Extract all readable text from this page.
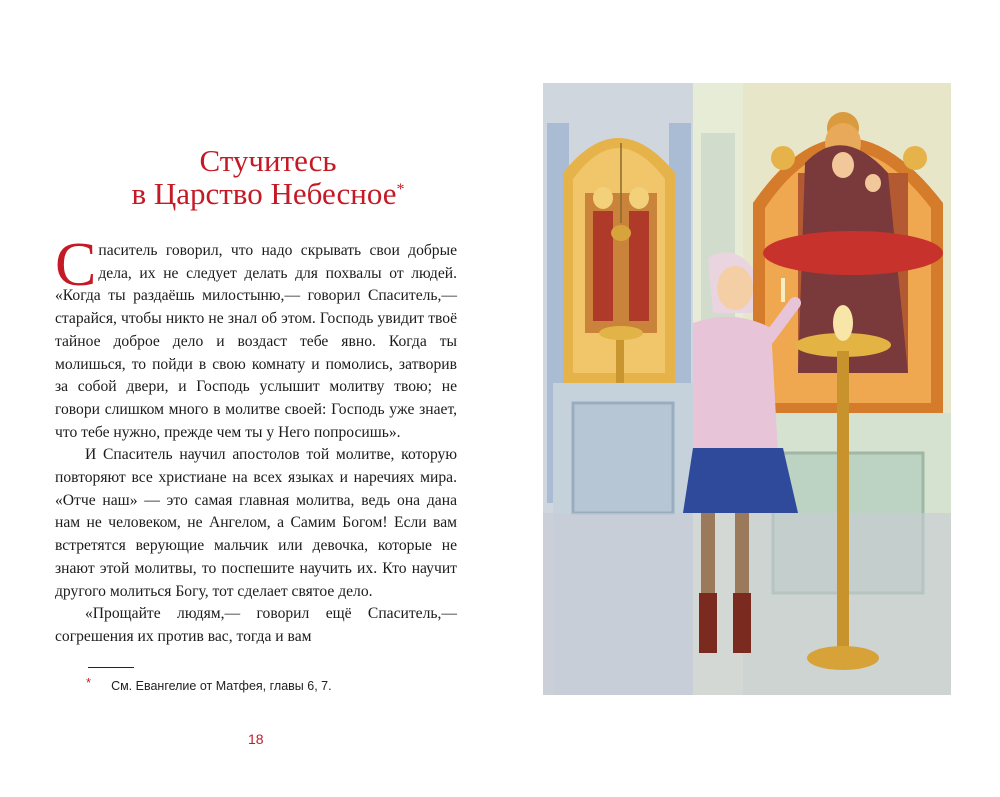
Стучитесь
в Царство Небесное*

Спаситель говорил, что надо скрывать свои добрые дела, их не следует делать для похвалы от людей. «Когда ты раздаёшь милостыню,— говорил Спаситель,— старайся, чтобы никто не знал об этом. Господь увидит твоё тайное доброе дело и воздаст тебе явно. Когда ты молишься, то пойди в свою комнату и помолись, затворив за собой двери, и Господь услышит молитву твою; не говори слишком много в молитве своей: Господь уже знает, что тебе нужно, прежде чем ты у Него попросишь».

И Спаситель научил апостолов той молитве, которую повторяют все христиане на всех языках и наречиях мира. «Отче наш» — это самая главная молитва, ведь она дана нам не человеком, не Ангелом, а Самим Богом! Если вам встретятся верующие мальчик или девочка, которые не знают этой молитвы, то поспешите научить их. Кто научит другого молиться Богу, тот сделает святое дело.

«Прощайте людям,— говорил ещё Спаситель,— согрешения их против вас, тогда и вам

* См. Евангелие от Матфея, главы 6, 7.
18
